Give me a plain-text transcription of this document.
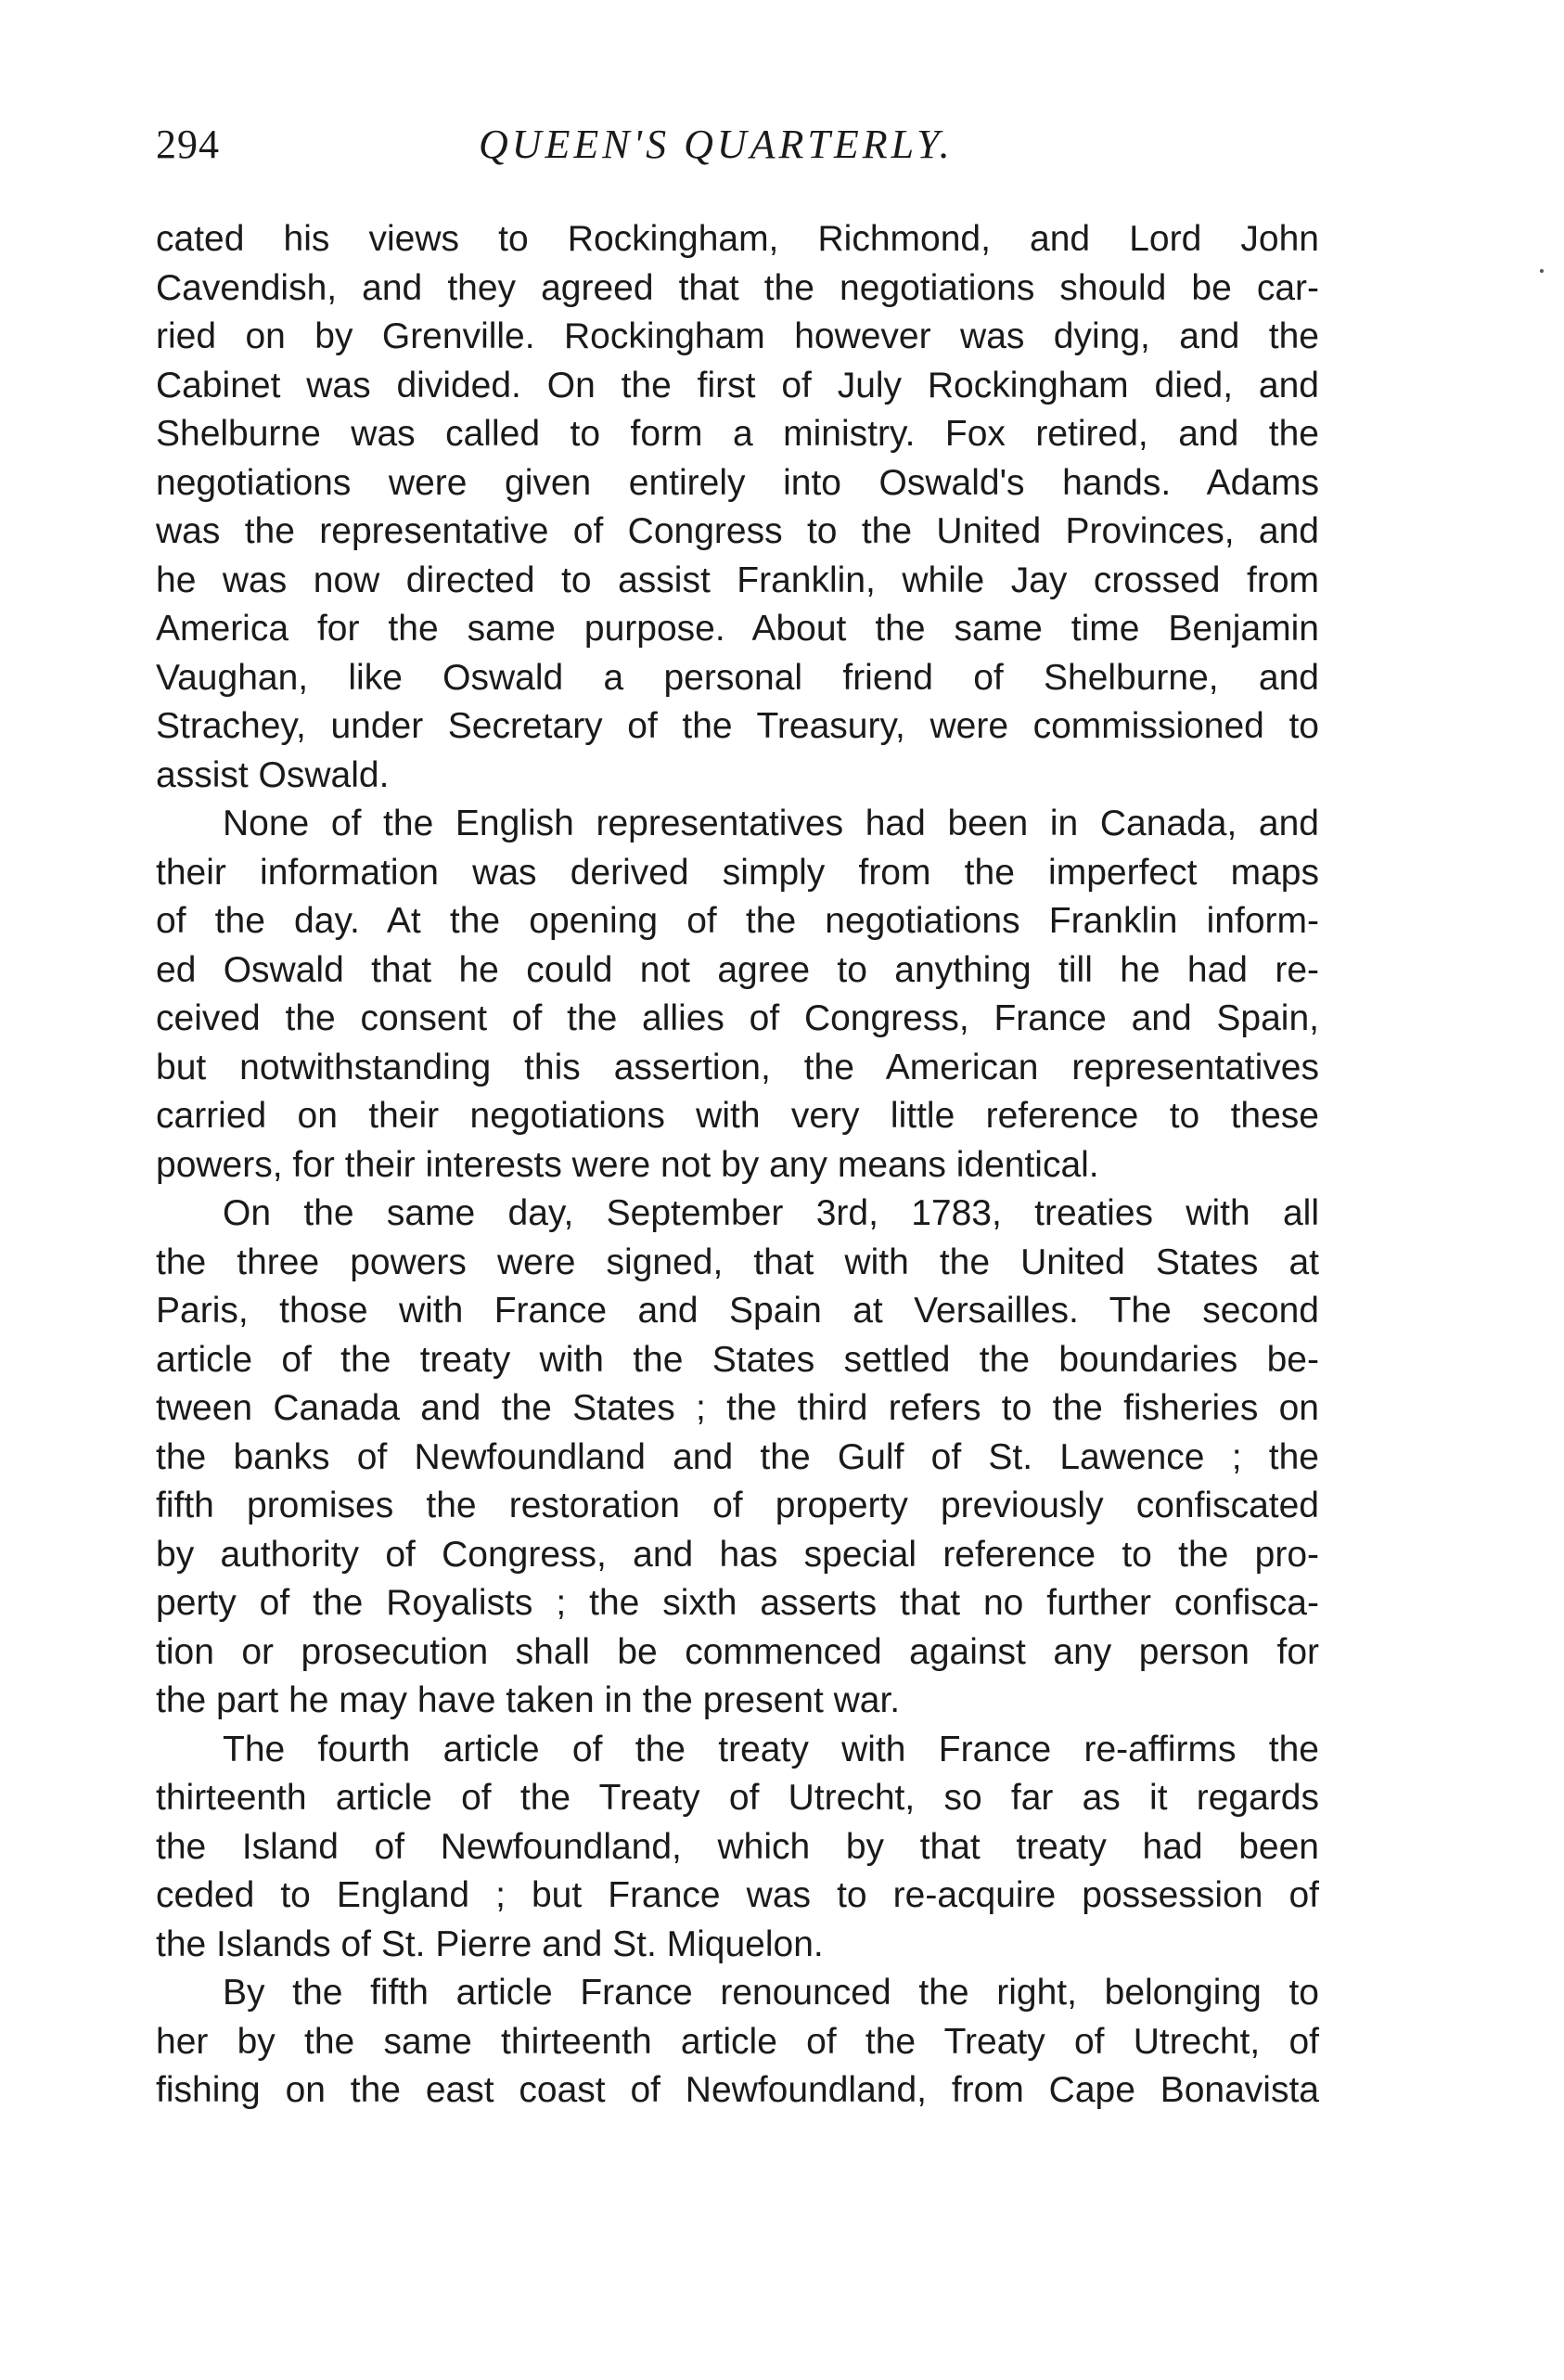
294	QUEEN'S QUARTERLY.
cated his views to Rockingham, Richmond, and Lord John
Cavendish, and they agreed that the negotiations should be car-
ried on by Grenville. Rockingham however was dying, and the
Cabinet was divided. On the first of July Rockingham died, and
Shelburne was called to form a ministry. Fox retired, and the
negotiations were given entirely into Oswald's hands. Adams
was the representative of Congress to the United Provinces, and
he was now directed to assist Franklin, while Jay crossed from
America for the same purpose. About the same time Benjamin
Vaughan, like Oswald a personal friend of Shelburne, and
Strachey, under Secretary of the Treasury, were commissioned to
assist Oswald.
None of the English representatives had been in Canada, and
their information was derived simply from the imperfect maps
of the day. At the opening of the negotiations Franklin inform-
ed Oswald that he could not agree to anything till he had re-
ceived the consent of the allies of Congress, France and Spain,
but notwithstanding this assertion, the American representatives
carried on their negotiations with very little reference to these
powers, for their interests were not by any means identical.
On the same day, September 3rd, 1783, treaties with all
the three powers were signed, that with the United States at
Paris, those with France and Spain at Versailles. The second
article of the treaty with the States settled the boundaries be-
tween Canada and the States ; the third refers to the fisheries on
the banks of Newfoundland and the Gulf of St. Lawence ; the
fifth promises the restoration of property previously confiscated
by authority of Congress, and has special reference to the pro-
perty of the Royalists ; the sixth asserts that no further confisca-
tion or prosecution shall be commenced against any person for
the part he may have taken in the present war.
The fourth article of the treaty with France re-affirms the
thirteenth article of the Treaty of Utrecht, so far as it regards
the Island of Newfoundland, which by that treaty had been
ceded to England ; but France was to re-acquire possession of
the Islands of St. Pierre and St. Miquelon.
By the fifth article France renounced the right, belonging to
her by the same thirteenth article of the Treaty of Utrecht, of
fishing on the east coast of Newfoundland, from Cape Bonavista
